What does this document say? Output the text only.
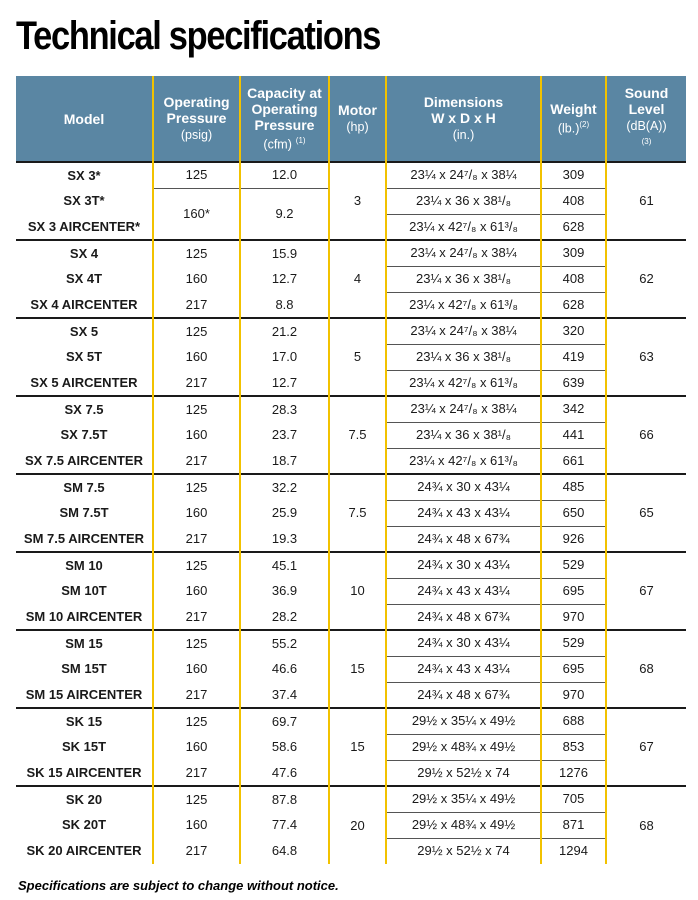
Technical specifications
Model	Operating
Pressure
(psig)	Capacity at
Operating
Pressure
(cfm) $^{(1)}$	Motor
(hp)	Dimensions
W x D x H
(in.)	Weight
$(lb.)^{(2)}$	Sound
Level
(dB(A))
$^{(3)}$
SX 3*	125	12.0	3	23¼ x 24⁷/₈ x 38¼	309	61
SX 3T*	160*	9.2		23¼ x 36 x 38¹/₈	408	
SX 3 AIRCENTER*				23¼ x 42⁷/₈ x 61³/₈	628	
SX 4	125	15.9	4	23¼ x 24⁷/₈ x 38¼	309	62
SX 4T	160	12.7		23¼ x 36 x 38¹/₈	408	
SX 4 AIRCENTER	217	8.8		23¼ x 42⁷/₈ x 61³/₈	628	
SX 5	125	21.2	5	23¼ x 24⁷/₈ x 38¼	320	63
SX 5T	160	17.0		23¼ x 36 x 38¹/₈	419	
SX 5 AIRCENTER	217	12.7		23¼ x 42⁷/₈ x 61³/₈	639	
SX 7.5	125	28.3	7.5	23¼ x 24⁷/₈ x 38¼	342	66
SX 7.5T	160	23.7		23¼ x 36 x 38¹/₈	441	
SX 7.5 AIRCENTER	217	18.7		23¼ x 42⁷/₈ x 61³/₈	661	
SM 7.5	125	32.2	7.5	24¾ x 30 x 43¼	485	65
SM 7.5T	160	25.9		24¾ x 43 x 43¼	650	
SM 7.5 AIRCENTER	217	19.3		24¾ x 48 x 67¾	926	
SM 10	125	45.1	10	24¾ x 30 x 43¼	529	67
SM 10T	160	36.9		24¾ x 43 x 43¼	695	
SM 10 AIRCENTER	217	28.2		24¾ x 48 x 67¾	970	
SM 15	125	55.2	15	24¾ x 30 x 43¼	529	68
SM 15T	160	46.6		24¾ x 43 x 43¼	695	
SM 15 AIRCENTER	217	37.4		24¾ x 48 x 67¾	970	
SK 15	125	69.7	15	29½ x 35¼ x 49½	688	67
SK 15T	160	58.6		29½ x 48¾ x 49½	853	
SK 15 AIRCENTER	217	47.6		29½ x 52½ x 74	1276	
SK 20	125	87.8	20	29½ x 35¼ x 49½	705	68
SK 20T	160	77.4		29½ x 48¾ x 49½	871	
SK 20 AIRCENTER	217	64.8		29½ x 52½ x 74	1294	
Specifications are subject to change without notice.
